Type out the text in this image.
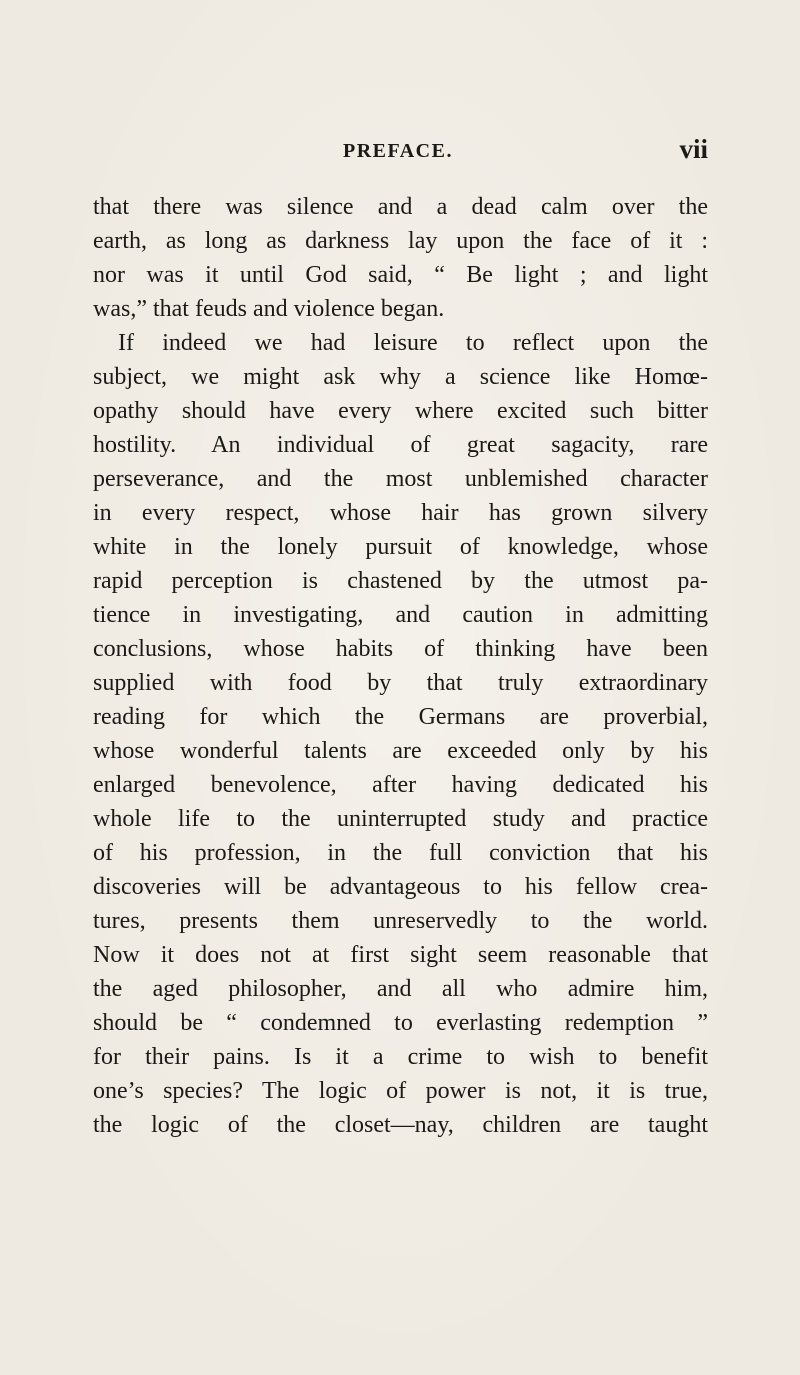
PREFACE.	vii
that there was silence and a dead calm over the
earth, as long as darkness lay upon the face of it :
nor was it until God said, “ Be light ; and light
was,” that feuds and violence began.
If indeed we had leisure to reflect upon the
subject, we might ask why a science like Homœ-
opathy should have every where excited such bitter
hostility. An individual of great sagacity, rare
perseverance, and the most unblemished character
in every respect, whose hair has grown silvery
white in the lonely pursuit of knowledge, whose
rapid perception is chastened by the utmost pa-
tience in investigating, and caution in admitting
conclusions, whose habits of thinking have been
supplied with food by that truly extraordinary
reading for which the Germans are proverbial,
whose wonderful talents are exceeded only by his
enlarged benevolence, after having dedicated his
whole life to the uninterrupted study and practice
of his profession, in the full conviction that his
discoveries will be advantageous to his fellow crea-
tures, presents them unreservedly to the world.
Now it does not at first sight seem reasonable that
the aged philosopher, and all who admire him,
should be “ condemned to everlasting redemption ”
for their pains. Is it a crime to wish to benefit
one’s species? The logic of power is not, it is true,
the logic of the closet—nay, children are taught
